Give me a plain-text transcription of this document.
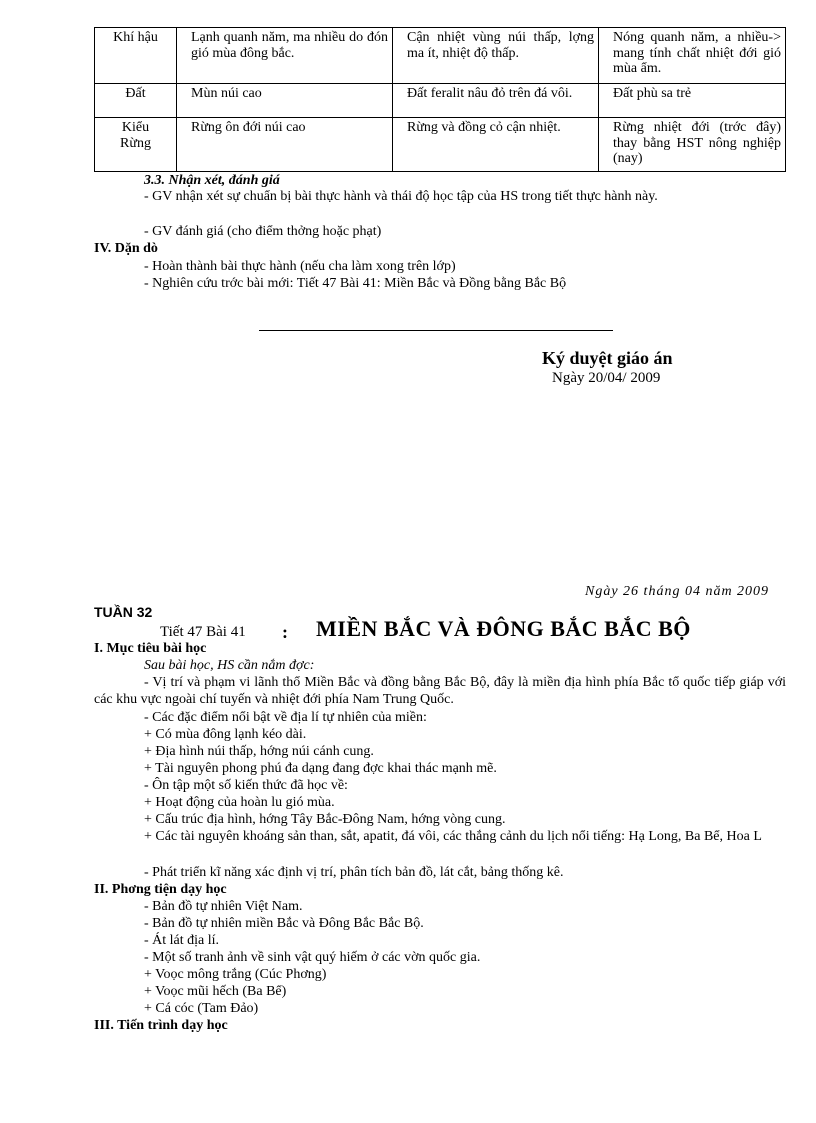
Khí hậu	Lạnh quanh năm, ma nhiều do đón gió mùa đông bắc.	Cận nhiệt vùng núi thấp, lợng ma ít, nhiệt độ thấp.	Nóng quanh năm, a nhiều-> mang tính chất nhiệt đới gió mùa ẩm.

Đất	Mùn núi cao	Đất feralit nâu đỏ trên đá vôi.	Đất phù sa trẻ

Kiểu Rừng	Rừng ôn đới núi cao	Rừng và đồng cỏ cận nhiệt.	Rừng nhiệt đới (trớc đây) thay bằng HST nông nghiệp (nay)
3.3. Nhận xét, đánh giá
- GV nhận xét sự chuẩn bị bài thực hành và thái độ học tập của HS trong tiết thực hành này.
- GV đánh giá (cho điểm thởng hoặc phạt)
IV. Dặn dò
- Hoàn thành bài thực hành (nếu cha làm xong trên lớp)
- Nghiên cứu trớc bài mới: Tiết 47 Bài 41: Miền Bắc và Đồng bằng Bắc Bộ
Ký duyệt giáo án
Ngày 20/04/ 2009
Ngày 26 tháng 04 năm 2009
TUẦN 32
Tiết 47 Bài 41 : MIỀN BẮC VÀ ĐÔNG BẮC BẮC BỘ
I. Mục tiêu bài học
Sau bài học, HS cần nắm đợc:
- Vị trí và phạm vi lãnh thổ Miền Bắc và đồng bằng Bắc Bộ, đây là miền địa hình phía Bắc tổ quốc tiếp giáp với các khu vực ngoài chí tuyến và nhiệt đới phía Nam Trung Quốc.
- Các đặc điểm nổi bật về địa lí tự nhiên của miền:
+ Có mùa đông lạnh kéo dài.
+ Địa hình núi thấp, hớng núi cánh cung.
+ Tài nguyên phong phú đa dạng đang đợc khai thác mạnh mẽ.
- Ôn tập một số kiến thức đã học về:
+ Hoạt động của hoàn lu gió mùa.
+ Cấu trúc địa hình, hớng Tây Bắc-Đông Nam, hớng vòng cung.
+ Các tài nguyên khoáng sản than, sắt, apatit, đá vôi, các thắng cảnh du lịch nổi tiếng: Hạ Long, Ba Bể, Hoa L
- Phát triển kĩ năng xác định vị trí, phân tích bản đồ, lát cắt, bảng thống kê.
II. Phơng tiện dạy học
- Bản đồ tự nhiên Việt Nam.
- Bản đồ tự nhiên miền Bắc và Đông Bắc Bắc Bộ.
- Át lát địa lí.
- Một số tranh ảnh về sinh vật quý hiếm ở các vờn quốc gia.
+ Voọc mông trắng (Cúc Phơng)
+ Voọc mũi hếch (Ba Bể)
+ Cá cóc (Tam Đảo)
III. Tiến trình dạy học
